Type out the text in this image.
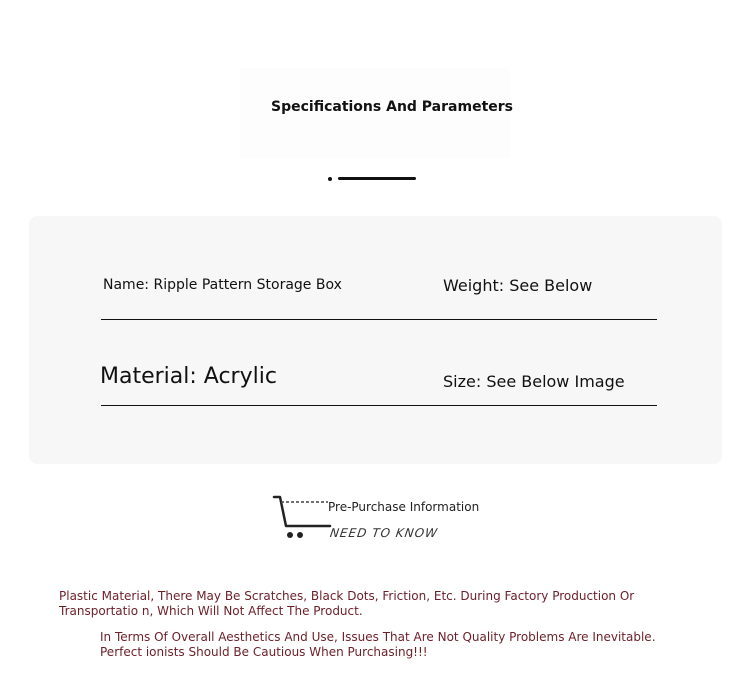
Specifications And Parameters
Name: Ripple Pattern Storage Box	Weight: See Below
Material: Acrylic	Size: See Below Image
Pre-Purchase Information
NEED TO KNOW

Plastic Material, There May Be Scratches, Black Dots, Friction, Etc. During Factory Production Or Transportatio n, Which Will Not Affect The Product.

In Terms Of Overall Aesthetics And Use, Issues That Are Not Quality Problems Are Inevitable. Perfect ionists Should Be Cautious When Purchasing!!!
